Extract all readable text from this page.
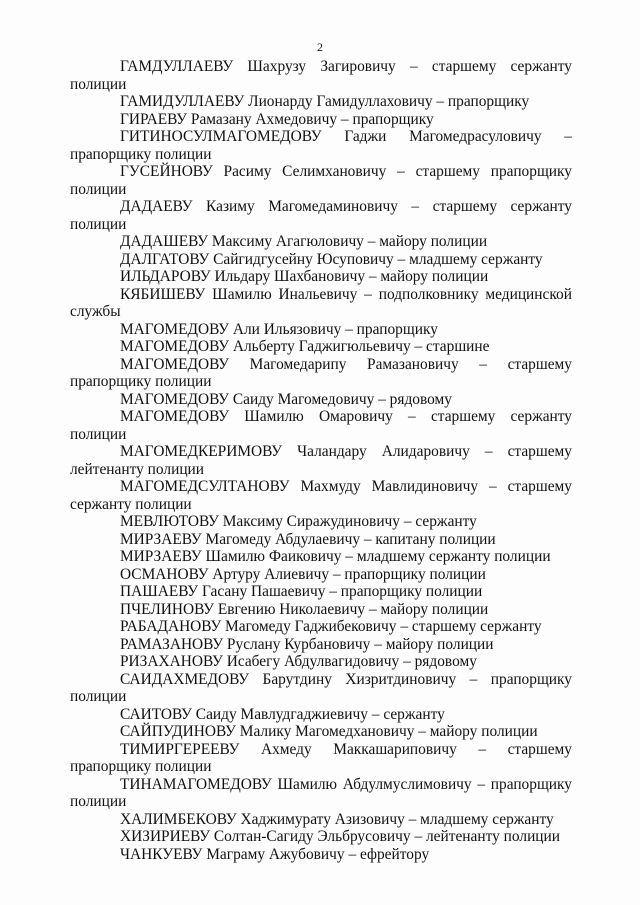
2

ГАМДУЛЛАЕВУ Шахрузу Загировичу – старшему сержанту полиции

ГАМИДУЛЛАЕВУ Лионарду Гамидуллаховичу – прапорщику

ГИРАЕВУ Рамазану Ахмедовичу – прапорщику

ГИТИНОСУЛМАГОМЕДОВУ Гаджи Магомедрасуловичу – прапорщику полиции

ГУСЕЙНОВУ Расиму Селимхановичу – старшему прапорщику полиции

ДАДАЕВУ Казиму Магомедаминовичу – старшему сержанту полиции

ДАДАШЕВУ Максиму Агагюловичу – майору полиции

ДАЛГАТОВУ Сайгидгусейну Юсуповичу – младшему сержанту

ИЛЬДАРОВУ Ильдару Шахбановичу – майору полиции

КЯБИШЕВУ Шамилю Инальевичу – подполковнику медицинской службы

МАГОМЕДОВУ Али Ильязовичу – прапорщику

МАГОМЕДОВУ Альберту Гаджигюльевичу – старшине

МАГОМЕДОВУ Магомедарипу Рамазановичу – старшему прапорщику полиции

МАГОМЕДОВУ Саиду Магомедовичу – рядовому

МАГОМЕДОВУ Шамилю Омаровичу – старшему сержанту полиции

МАГОМЕДКЕРИМОВУ Чаландару Алидаровичу – старшему лейтенанту полиции

МАГОМЕДСУЛТАНОВУ Махмуду Мавлидиновичу – старшему сержанту полиции

МЕВЛЮТОВУ Максиму Сиражудиновичу – сержанту

МИРЗАЕВУ Магомеду Абдулаевичу – капитану полиции

МИРЗАЕВУ Шамилю Фаиковичу – младшему сержанту полиции

ОСМАНОВУ Артуру Алиевичу – прапорщику полиции

ПАШАЕВУ Гасану Пашаевичу – прапорщику полиции

ПЧЕЛИНОВУ Евгению Николаевичу – майору полиции

РАБАДАНОВУ Магомеду Гаджибековичу – старшему сержанту

РАМАЗАНОВУ Руслану Курбановичу – майору полиции

РИЗАХАНОВУ Исабегу Абдулвагидовичу – рядовому

САИДАХМЕДОВУ Барутдину Хизритдиновичу – прапорщику полиции

САИТОВУ Саиду Мавлудгаджиевичу – сержанту

САЙПУДИНОВУ Малику Магомедхановичу – майору полиции

ТИМИРГЕРЕЕВУ Ахмеду Маккашариповичу – старшему прапорщику полиции

ТИНАМАГОМЕДОВУ Шамилю Абдулмуслимовичу – прапорщику полиции

ХАЛИМБЕКОВУ Хаджимурату Азизовичу – младшему сержанту

ХИЗИРИЕВУ Солтан-Сагиду Эльбрусовичу – лейтенанту полиции

ЧАНКУЕВУ Маграму Ажубовичу – ефрейтору
